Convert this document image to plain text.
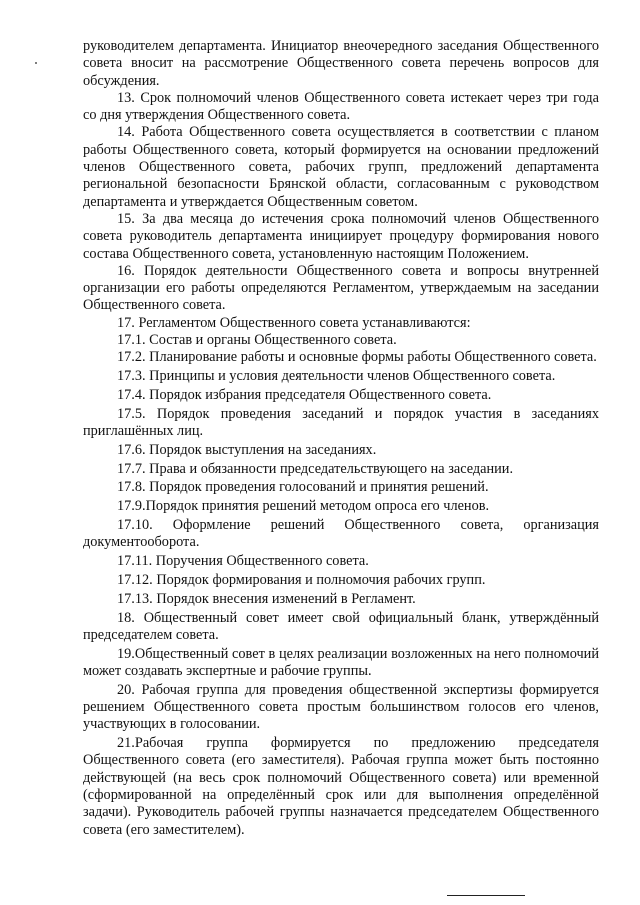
руководителем департамента. Инициатор внеочередного заседания Общественного совета вносит на рассмотрение Общественного совета перечень вопросов для обсуждения.

13. Срок полномочий членов Общественного совета истекает через три года со дня утверждения Общественного совета.

14. Работа Общественного совета осуществляется в соответствии с планом работы Общественного совета, который формируется на основании предложений членов Общественного совета, рабочих групп, предложений департамента региональной безопасности Брянской области, согласованным с руководством департамента и утверждается Общественным советом.

15. За два месяца до истечения срока полномочий членов Общественного совета руководитель департамента инициирует процедуру формирования нового состава Общественного совета, установленную настоящим Положением.

16. Порядок деятельности Общественного совета и вопросы внутренней организации его работы определяются Регламентом, утверждаемым на заседании Общественного совета.

17. Регламентом Общественного совета устанавливаются:

17.1. Состав и органы Общественного совета.

17.2. Планирование работы и основные формы работы Общественного совета.

17.3. Принципы и условия деятельности членов Общественного совета.

17.4. Порядок избрания председателя Общественного совета.

17.5. Порядок проведения заседаний и порядок участия в заседаниях приглашённых лиц.

17.6. Порядок выступления на заседаниях.

17.7. Права и обязанности председательствующего на заседании.

17.8. Порядок проведения голосований и принятия решений.

17.9.Порядок принятия решений методом опроса его членов.

17.10. Оформление решений Общественного совета, организация документооборота.

17.11. Поручения Общественного совета.

17.12. Порядок формирования и полномочия рабочих групп.

17.13. Порядок внесения изменений в Регламент.

18. Общественный совет имеет свой официальный бланк, утверждённый председателем совета.

19.Общественный совет в целях реализации возложенных на него полномочий может создавать экспертные и рабочие группы.

20. Рабочая группа для проведения общественной экспертизы формируется решением Общественного совета простым большинством голосов его членов, участвующих в голосовании.

21.Рабочая группа формируется по предложению председателя Общественного совета (его заместителя). Рабочая группа может быть постоянно действующей (на весь срок полномочий Общественного совета) или временной (сформированной на определённый срок или для выполнения определённой задачи). Руководитель рабочей группы назначается председателем Общественного совета (его заместителем).
